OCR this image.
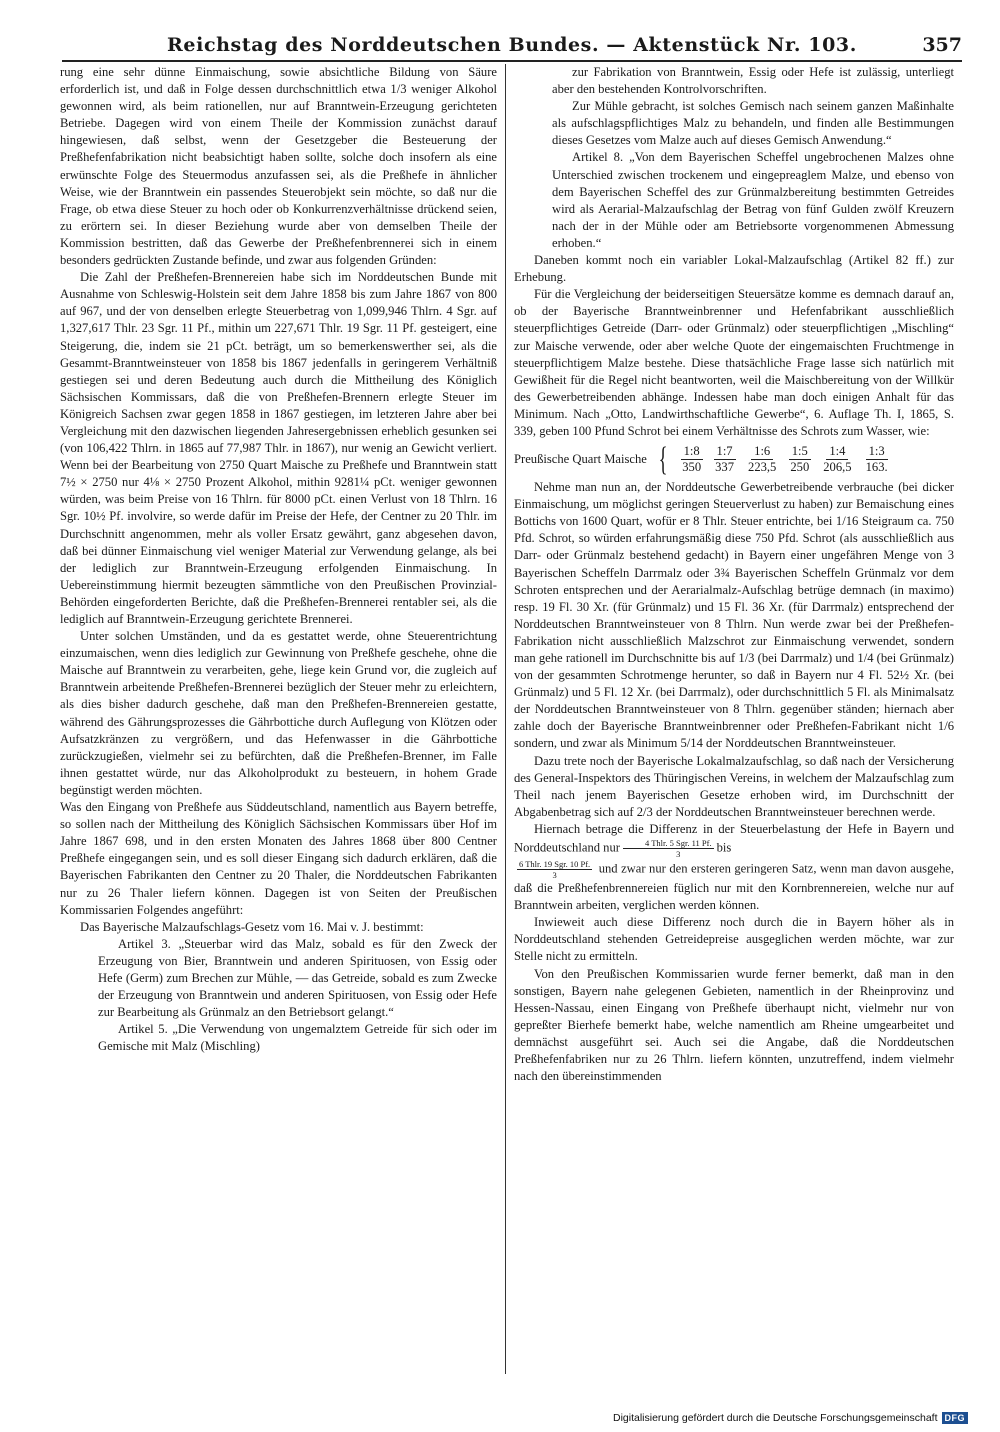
Reichstag des Norddeutschen Bundes. — Aktenstück Nr. 103.	357

rung eine sehr dünne Einmaischung, sowie absichtliche Bildung von Säure erforderlich ist, und daß in Folge dessen durchschnittlich etwa 1/3 weniger Alkohol gewonnen wird, als beim rationellen, nur auf Branntwein-Erzeugung gerichteten Betriebe. Dagegen wird von einem Theile der Kommission zunächst darauf hingewiesen, daß selbst, wenn der Gesetzgeber die Besteuerung der Preßhefenfabrikation nicht beabsichtigt haben sollte, solche doch insofern als eine erwünschte Folge des Steuermodus anzufassen sei, als die Preßhefe in ähnlicher Weise, wie der Branntwein ein passendes Steuerobjekt sein möchte, so daß nur die Frage, ob etwa diese Steuer zu hoch oder ob Konkurrenzverhältnisse drückend seien, zu erörtern sei. In dieser Beziehung wurde aber von demselben Theile der Kommission bestritten, daß das Gewerbe der Preßhefenbrennerei sich in einem besonders gedrückten Zustande befinde, und zwar aus folgenden Gründen:

Die Zahl der Preßhefen-Brennereien habe sich im Norddeutschen Bunde mit Ausnahme von Schleswig-Holstein seit dem Jahre 1858 bis zum Jahre 1867 von 800 auf 967, und der von denselben erlegte Steuerbetrag von 1,099,946 Thlrn. 4 Sgr. auf 1,327,617 Thlr. 23 Sgr. 11 Pf., mithin um 227,671 Thlr. 19 Sgr. 11 Pf. gesteigert, eine Steigerung, die, indem sie 21 pCt. beträgt, um so bemerkenswerther sei, als die Gesammt-Branntweinsteuer von 1858 bis 1867 jedenfalls in geringerem Verhältniß gestiegen sei und deren Bedeutung auch durch die Mittheilung des Königlich Sächsischen Kommissars, daß die von Preßhefen-Brennern erlegte Steuer im Königreich Sachsen zwar gegen 1858 in 1867 gestiegen, im letzteren Jahre aber bei Vergleichung mit den dazwischen liegenden Jahresergebnissen erheblich gesunken sei (von 106,422 Thlrn. in 1865 auf 77,987 Thlr. in 1867), nur wenig an Gewicht verliert. Wenn bei der Bearbeitung von 2750 Quart Maische zu Preßhefe und Branntwein statt 7½ × 2750 nur 4⅛ × 2750 Prozent Alkohol, mithin 9281¼ pCt. weniger gewonnen würden, was beim Preise von 16 Thlrn. für 8000 pCt. einen Verlust von 18 Thlrn. 16 Sgr. 10½ Pf. involvire, so werde dafür im Preise der Hefe, der Centner zu 20 Thlr. im Durchschnitt angenommen, mehr als voller Ersatz gewährt, ganz abgesehen davon, daß bei dünner Einmaischung viel weniger Material zur Verwendung gelange, als bei der lediglich zur Branntwein-Erzeugung erfolgenden Einmaischung. In Uebereinstimmung hiermit bezeugten sämmtliche von den Preußischen Provinzial-Behörden eingeforderten Berichte, daß die Preßhefen-Brennerei rentabler sei, als die lediglich auf Branntwein-Erzeugung gerichtete Brennerei.

Unter solchen Umständen, und da es gestattet werde, ohne Steuerentrichtung einzumaischen, wenn dies lediglich zur Gewinnung von Preßhefe geschehe, ohne die Maische auf Branntwein zu verarbeiten, gehe, liege kein Grund vor, die zugleich auf Branntwein arbeitende Preßhefen-Brennerei bezüglich der Steuer mehr zu erleichtern, als dies bisher dadurch geschehe, daß man den Preßhefen-Brennereien gestatte, während des Gährungsprozesses die Gährbottiche durch Auflegung von Klötzen oder Aufsatzkränzen zu vergrößern, und das Hefenwasser in die Gährbottiche zurückzugießen, vielmehr sei zu befürchten, daß die Preßhefen-Brenner, im Falle ihnen gestattet würde, nur das Alkoholprodukt zu besteuern, in hohem Grade begünstigt werden möchten.

Was den Eingang von Preßhefe aus Süddeutschland, namentlich aus Bayern betreffe, so sollen nach der Mittheilung des Königlich Sächsischen Kommissars über Hof im Jahre 1867 698, und in den ersten Monaten des Jahres 1868 über 800 Centner Preßhefe eingegangen sein, und es soll dieser Eingang sich dadurch erklären, daß die Bayerischen Fabrikanten den Centner zu 20 Thaler, die Norddeutschen Fabrikanten nur zu 26 Thaler liefern können. Dagegen ist von Seiten der Preußischen Kommissarien Folgendes angeführt:

Das Bayerische Malzaufschlags-Gesetz vom 16. Mai v. J. bestimmt:

Artikel 3. „Steuerbar wird das Malz, sobald es für den Zweck der Erzeugung von Bier, Branntwein und anderen Spirituosen, von Essig oder Hefe (Germ) zum Brechen zur Mühle, — das Getreide, sobald es zum Zwecke der Erzeugung von Branntwein und anderen Spirituosen, von Essig oder Hefe zur Bearbeitung als Grünmalz an den Betriebsort gelangt.“

Artikel 5. „Die Verwendung von ungemalztem Getreide für sich oder im Gemische mit Malz (Mischling)

zur Fabrikation von Branntwein, Essig oder Hefe ist zulässig, unterliegt aber den bestehenden Kontrolvorschriften.

Zur Mühle gebracht, ist solches Gemisch nach seinem ganzen Maßinhalte als aufschlagspflichtiges Malz zu behandeln, und finden alle Bestimmungen dieses Gesetzes vom Malze auch auf dieses Gemisch Anwendung.“

Artikel 8. „Von dem Bayerischen Scheffel ungebrochenen Malzes ohne Unterschied zwischen trockenem und eingepreaglem Malze, und ebenso von dem Bayerischen Scheffel des zur Grünmalzbereitung bestimmten Getreides wird als Aerarial-Malzaufschlag der Betrag von fünf Gulden zwölf Kreuzern nach der in der Mühle oder am Betriebsorte vorgenommenen Abmessung erhoben.“

Daneben kommt noch ein variabler Lokal-Malzaufschlag (Artikel 82 ff.) zur Erhebung.

Für die Vergleichung der beiderseitigen Steuersätze komme es demnach darauf an, ob der Bayerische Branntweinbrenner und Hefenfabrikant ausschließlich steuerpflichtiges Getreide (Darr- oder Grünmalz) oder steuerpflichtigen „Mischling“ zur Maische verwende, oder aber welche Quote der eingemaischten Fruchtmenge in steuerpflichtigem Malze bestehe. Diese thatsächliche Frage lasse sich natürlich mit Gewißheit für die Regel nicht beantworten, weil die Maischbereitung von der Willkür des Gewerbetreibenden abhänge. Indessen habe man doch einigen Anhalt für das Minimum. Nach „Otto, Landwirthschaftliche Gewerbe“, 6. Auflage Th. I, 1865, S. 339, geben 100 Pfund Schrot bei einem Verhältnisse des Schrots zum Wasser, wie:

Preußische Quart Maische { 1:8
350
1:7
337
1:6
223,5
1:5
250
1:4
206,5
1:3
163.

Nehme man nun an, der Norddeutsche Gewerbetreibende verbrauche (bei dicker Einmaischung, um möglichst geringen Steuerverlust zu haben) zur Bemaischung eines Bottichs von 1600 Quart, wofür er 8 Thlr. Steuer entrichte, bei 1/16 Steigraum ca. 750 Pfd. Schrot, so würden erfahrungsmäßig diese 750 Pfd. Schrot (als ausschließlich aus Darr- oder Grünmalz bestehend gedacht) in Bayern einer ungefähren Menge von 3 Bayerischen Scheffeln Darrmalz oder 3¾ Bayerischen Scheffeln Grünmalz vor dem Schroten entsprechen und der Aerarialmalz-Aufschlag betrüge demnach (in maximo) resp. 19 Fl. 30 Xr. (für Grünmalz) und 15 Fl. 36 Xr. (für Darrmalz) entsprechend der Norddeutschen Branntweinsteuer von 8 Thlrn. Nun werde zwar bei der Preßhefen-Fabrikation nicht ausschließlich Malzschrot zur Einmaischung verwendet, sondern man gehe rationell im Durchschnitte bis auf 1/3 (bei Darrmalz) und 1/4 (bei Grünmalz) von der gesammten Schrotmenge herunter, so daß in Bayern nur 4 Fl. 52½ Xr. (bei Grünmalz) und 5 Fl. 12 Xr. (bei Darrmalz), oder durchschnittlich 5 Fl. als Minimalsatz der Norddeutschen Branntweinsteuer von 8 Thlrn. gegenüber ständen; hiernach aber zahle doch der Bayerische Branntweinbrenner oder Preßhefen-Fabrikant nicht 1/6 sondern, und zwar als Minimum 5/14 der Norddeutschen Branntweinsteuer.

Dazu trete noch der Bayerische Lokalmalzaufschlag, so daß nach der Versicherung des General-Inspektors des Thüringischen Vereins, in welchem der Malzaufschlag zum Theil nach jenem Bayerischen Gesetze erhoben wird, im Durchschnitt der Abgabenbetrag sich auf 2/3 der Norddeutschen Branntweinsteuer berechnen werde.

Hiernach betrage die Differenz in der Steuerbelastung der Hefe in Bayern und Norddeutschland nur $\frac{\text{4 Thlr. 5 Sgr. 11 Pf.}}{3}$ bis

$\frac{\text{6 Thlr. 19 Sgr. 10 Pf.}}{3}$ und zwar nur den ersteren geringeren Satz, wenn man davon ausgehe, daß die Preßhefenbrennereien füglich nur mit den Kornbrennereien, welche nur auf Branntwein arbeiten, verglichen werden können.

Inwieweit auch diese Differenz noch durch die in Bayern höher als in Norddeutschland stehenden Getreidepreise ausgeglichen werden möchte, war zur Stelle nicht zu ermitteln.

Von den Preußischen Kommissarien wurde ferner bemerkt, daß man in den sonstigen, Bayern nahe gelegenen Gebieten, namentlich in der Rheinprovinz und Hessen-Nassau, einen Eingang von Preßhefe überhaupt nicht, vielmehr nur von gepreßter Bierhefe bemerkt habe, welche namentlich am Rheine umgearbeitet und demnächst ausgeführt sei. Auch sei die Angabe, daß die Norddeutschen Preßhefenfabriken nur zu 26 Thlrn. liefern könnten, unzutreffend, indem vielmehr nach den übereinstimmenden

Digitalisierung gefördert durch die Deutsche Forschungsgemeinschaft DFG
